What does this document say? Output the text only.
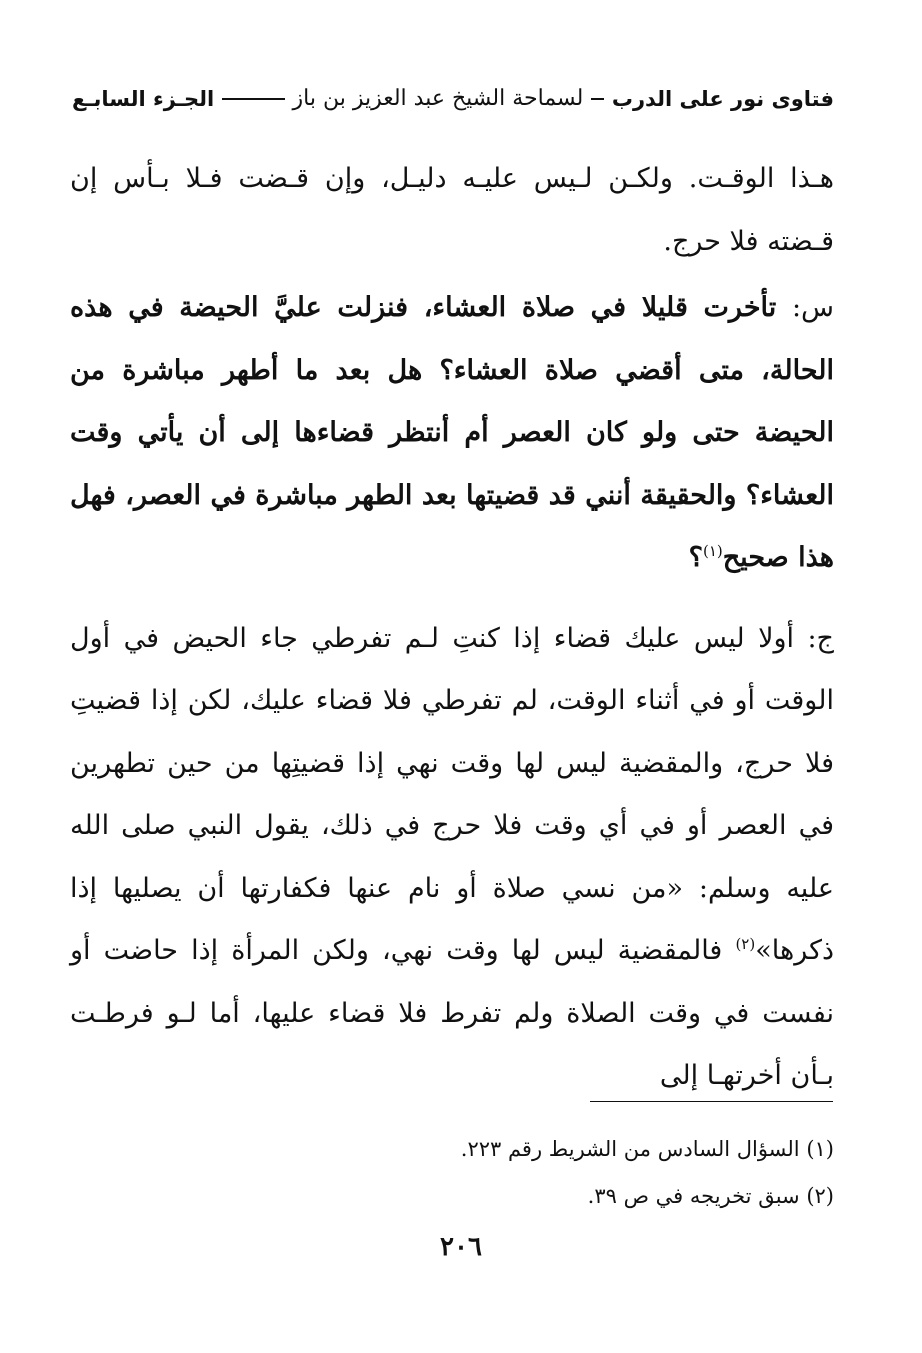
فتاوى نور على الدرب
لسماحة الشيخ عبد العزيز بن باز
الجـزء السابـع

هـذا الوقـت. ولكـن لـيس عليـه دليـل، وإن قـضت فـلا بـأس إن قـضته فلا حرج.

س: تأخرت قليلا في صلاة العشاء، فنزلت عليَّ الحيضة في هذه الحالة، متى أقضي صلاة العشاء؟ هل بعد ما أطهر مباشرة من الحيضة حتى ولو كان العصر أم أنتظر قضاءها إلى أن يأتي وقت العشاء؟ والحقيقة أنني قد قضيتها بعد الطهر مباشرة في العصر، فهل هذا صحيح$^{(١)}$؟

ج: أولا ليس عليك قضاء إذا كنتِ لـم تفرطي جاء الحيض في أول الوقت أو في أثناء الوقت، لم تفرطي فلا قضاء عليك، لكن إذا قضيتِ فلا حرج، والمقضية ليس لها وقت نهي إذا قضيتِها من حين تطهرين في العصر أو في أي وقت فلا حرج في ذلك، يقول النبي صلى الله عليه وسلم: «من نسي صلاة أو نام عنها فكفارتها أن يصليها إذا ذكرها»$^{(٢)}$ فالمقضية ليس لها وقت نهي، ولكن المرأة إذا حاضت أو نفست في وقت الصلاة ولم تفرط فلا قضاء عليها، أما لـو فرطـت بـأن أخرتهـا إلى

(١) السؤال السادس من الشريط رقم ٢٢٣.
(٢) سبق تخريجه في ص ٣٩.
٢٠٦
